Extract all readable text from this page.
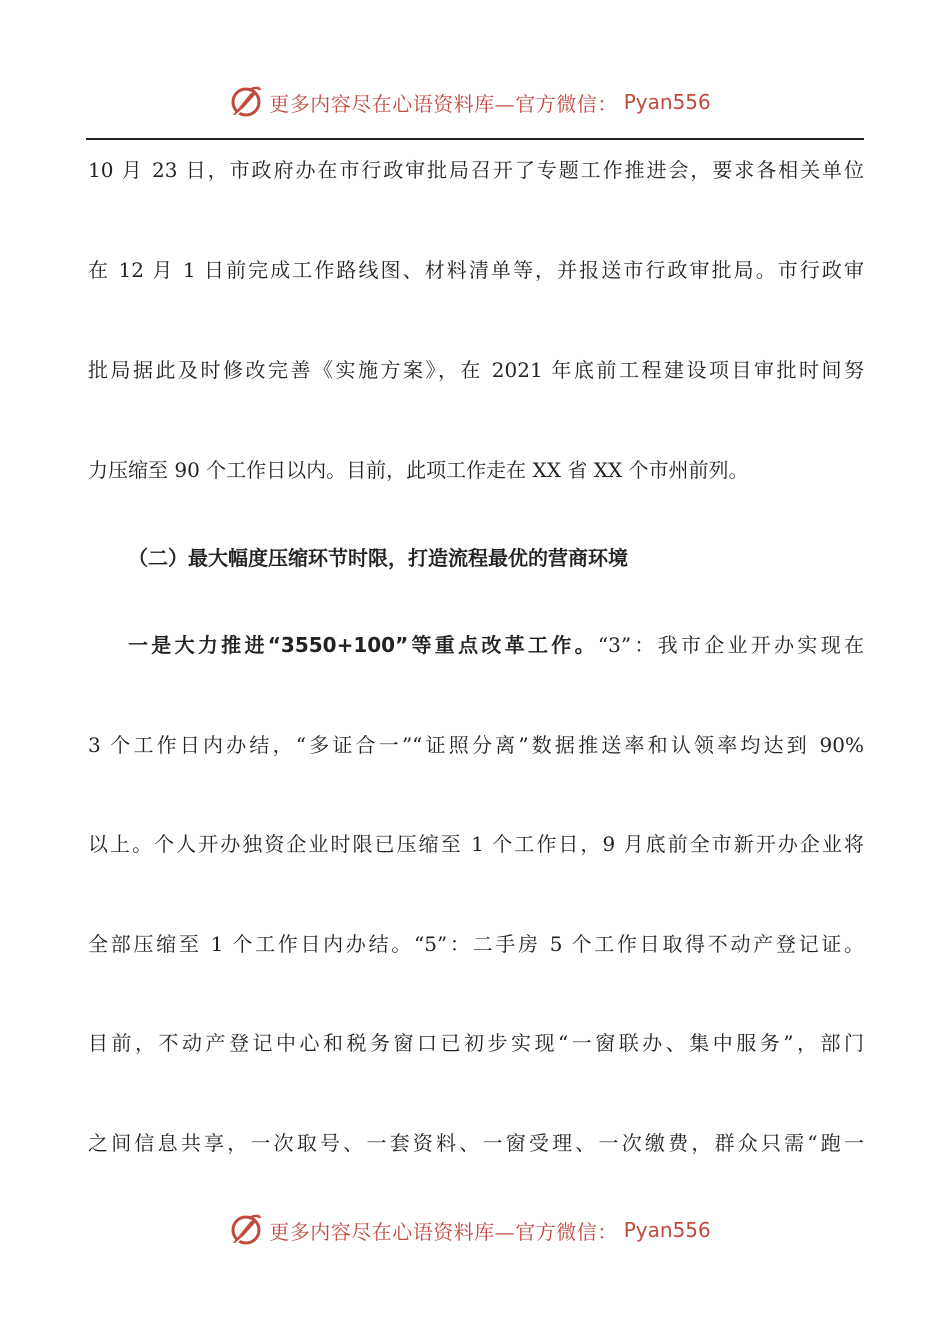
更多内容尽在心语资料库—官方微信： Pyan556
10 月 23 日，市政府办在市行政审批局召开了专题工作推进会，要求各相关单位
在 12 月 1 日前完成工作路线图、材料清单等，并报送市行政审批局。市行政审
批局据此及时修改完善《实施方案》，在 2021 年底前工程建设项目审批时间努
力压缩至 90 个工作日以内。目前，此项工作走在 XX 省 XX 个市州前列。
（二）最大幅度压缩环节时限，打造流程最优的营商环境
一是大力推进“3550+100”等重点改革工作。“3”：我市企业开办实现在
3 个工作日内办结，“多证合一”“证照分离”数据推送率和认领率均达到 90%
以上。个人开办独资企业时限已压缩至 1 个工作日，9 月底前全市新开办企业将
全部压缩至 1 个工作日内办结。“5”：二手房 5 个工作日取得不动产登记证。
目前，不动产登记中心和税务窗口已初步实现“一窗联办、集中服务”，部门
之间信息共享，一次取号、一套资料、一窗受理、一次缴费，群众只需“跑一
更多内容尽在心语资料库—官方微信： Pyan556
